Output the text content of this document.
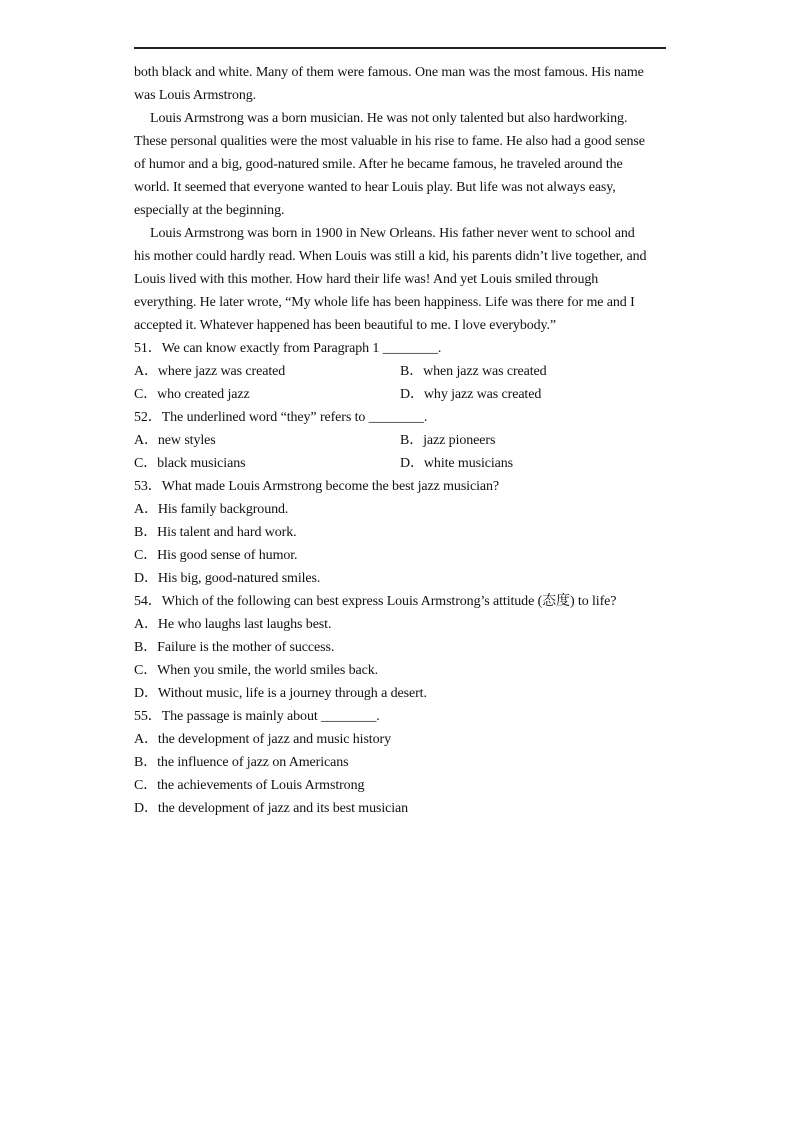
both black and white. Many of them were famous. One man was the most famous. His name
was Louis Armstrong.
Louis Armstrong was a born musician. He was not only talented but also hardworking.
These personal qualities were the most valuable in his rise to fame. He also had a good sense
of humor and a big, good-natured smile. After he became famous, he traveled around the
world. It seemed that everyone wanted to hear Louis play. But life was not always easy,
especially at the beginning.
Louis Armstrong was born in 1900 in New Orleans. His father never went to school and
his mother could hardly read. When Louis was still a kid, his parents didn’t live together, and
Louis lived with this mother. How hard their life was! And yet Louis smiled through
everything. He later wrote, “My whole life has been happiness. Life was there for me and I
accepted it. Whatever happened has been beautiful to me. I love everybody.”
51．We can know exactly from Paragraph 1 ________.
A．where jazz was created	B．when jazz was created
C．who created jazz	D．why jazz was created
52．The underlined word “they” refers to ________.
A．new styles	B．jazz pioneers
C．black musicians	D．white musicians
53．What made Louis Armstrong become the best jazz musician?
A．His family background.
B．His talent and hard work.
C．His good sense of humor.
D．His big, good-natured smiles.
54．Which of the following can best express Louis Armstrong’s attitude (态度) to life?
A．He who laughs last laughs best.
B．Failure is the mother of success.
C．When you smile, the world smiles back.
D．Without music, life is a journey through a desert.
55．The passage is mainly about ________.
A．the development of jazz and music history
B．the influence of jazz on Americans
C．the achievements of Louis Armstrong
D．the development of jazz and its best musician
